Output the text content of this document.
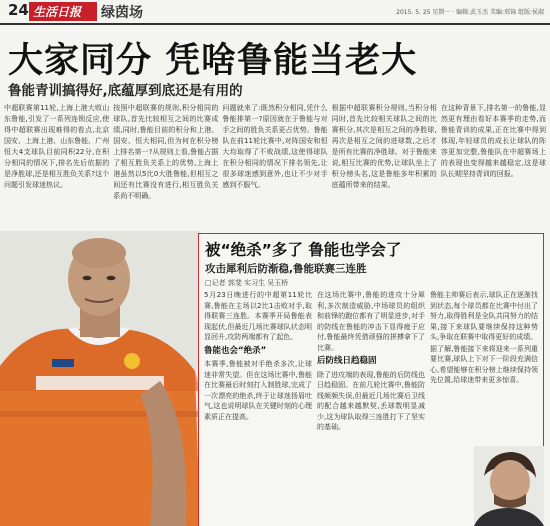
24 生活日报	绿茵场	2015. 5. 25 星期一 · 编辑:武玉杰 美编:邢锦 组版:侯淑
大家同分 凭啥鲁能当老大
鲁能青训搞得好,底蕴厚到底还是有用的
中超联赛第11轮,上海上港大败山东鲁能,引发了一系列连锁反应,使得中超联赛出现难得的看点,北京国安、上海上港、山东鲁能、广州恒大4支球队目前同积22分,在积分相同的情况下,排名先后依据的是净胜球,还是相互胜负关系?这个问题引发球迷热议。
按照中超联赛的规则,积分相同的球队,首先比较相互之间的比赛成绩,同时,鲁能目前的积分和上港、国安、恒大相同,但为何在积分榜上排名第一?从规则上看,鲁能占据了相互胜负关系上的优势,上海上港虽然以5比0大胜鲁能,但相互之间还有比赛没有进行,相互胜负关系尚不明确。
问题就来了:既然积分相同,凭什么鲁能排第一?原因就在于鲁能与对手之间的胜负关系更占优势。鲁能队在前11轮比赛中,对阵国安和恒大均取得了不败战绩,这使得球队在积分相同的情况下排名领先,让很多球迷感到意外,也让不少对手感到不服气。
根据中超联赛积分规则,当积分相同时,首先比较相关球队之间的比赛积分,其次是相互之间的净胜球,再次是相互之间的进球数,之后才是所有比赛的净胜球。对于鲁能来说,相互比赛的优势,让球队坐上了积分榜头名,这是鲁能多年积累的底蕴所带来的结果。
在这种背景下,排名第一的鲁能,显然更有理由看好本赛季的走势,而鲁能青训的成果,正在比赛中得到体现,年轻球员的成长让球队的阵容更加完整,鲁能队在中超赛场上的表现也变得越来越稳定,这是球队长期坚持青训的回报。
被“绝杀”多了 鲁能也学会了
攻击犀利后防渐稳,鲁能联赛三连胜
□记者 郭斐 实习生 吴玉桥

5月23日晚进行的中超第11轮比赛,鲁能在主场以2比1击败对手,取得联赛三连胜。本赛季开局鲁能表现起伏,但最近几场比赛球队状态明显回升,攻防两端都有了起色。

鲁能也会“绝杀”

本赛季,鲁能被对手绝杀多次,让球迷非常失望。但在这场比赛中,鲁能在比赛最后时刻打入制胜球,完成了一次漂亮的绝杀,终于让球迷扬眉吐气,这也说明球队在关键时刻的心理素质正在提高。

在这场比赛中,鲁能的进攻十分犀利,多次制造威胁,中场球员的组织和前锋的跑位都有了明显进步,对手的防线在鲁能的冲击下显得疲于应付,鲁能最终凭借顽强的拼搏拿下了比赛。

后防线日趋稳固

除了进攻端的表现,鲁能的后防线也日趋稳固。在前几轮比赛中,鲁能防线频频失误,但最近几场比赛后卫线的配合越来越默契,丢球数明显减少,这为球队取得三连胜打下了坚实的基础。

鲁能主帅赛后表示,球队正在逐渐找到状态,每个球员都在比赛中付出了努力,取得胜利是全队共同努力的结果,接下来球队要继续保持这种势头,争取在联赛中取得更好的成绩。

据了解,鲁能接下来将迎来一系列重要比赛,球队上下对下一阶段充满信心,希望能够在积分榜上继续保持领先位置,给球迷带来更多惊喜。
